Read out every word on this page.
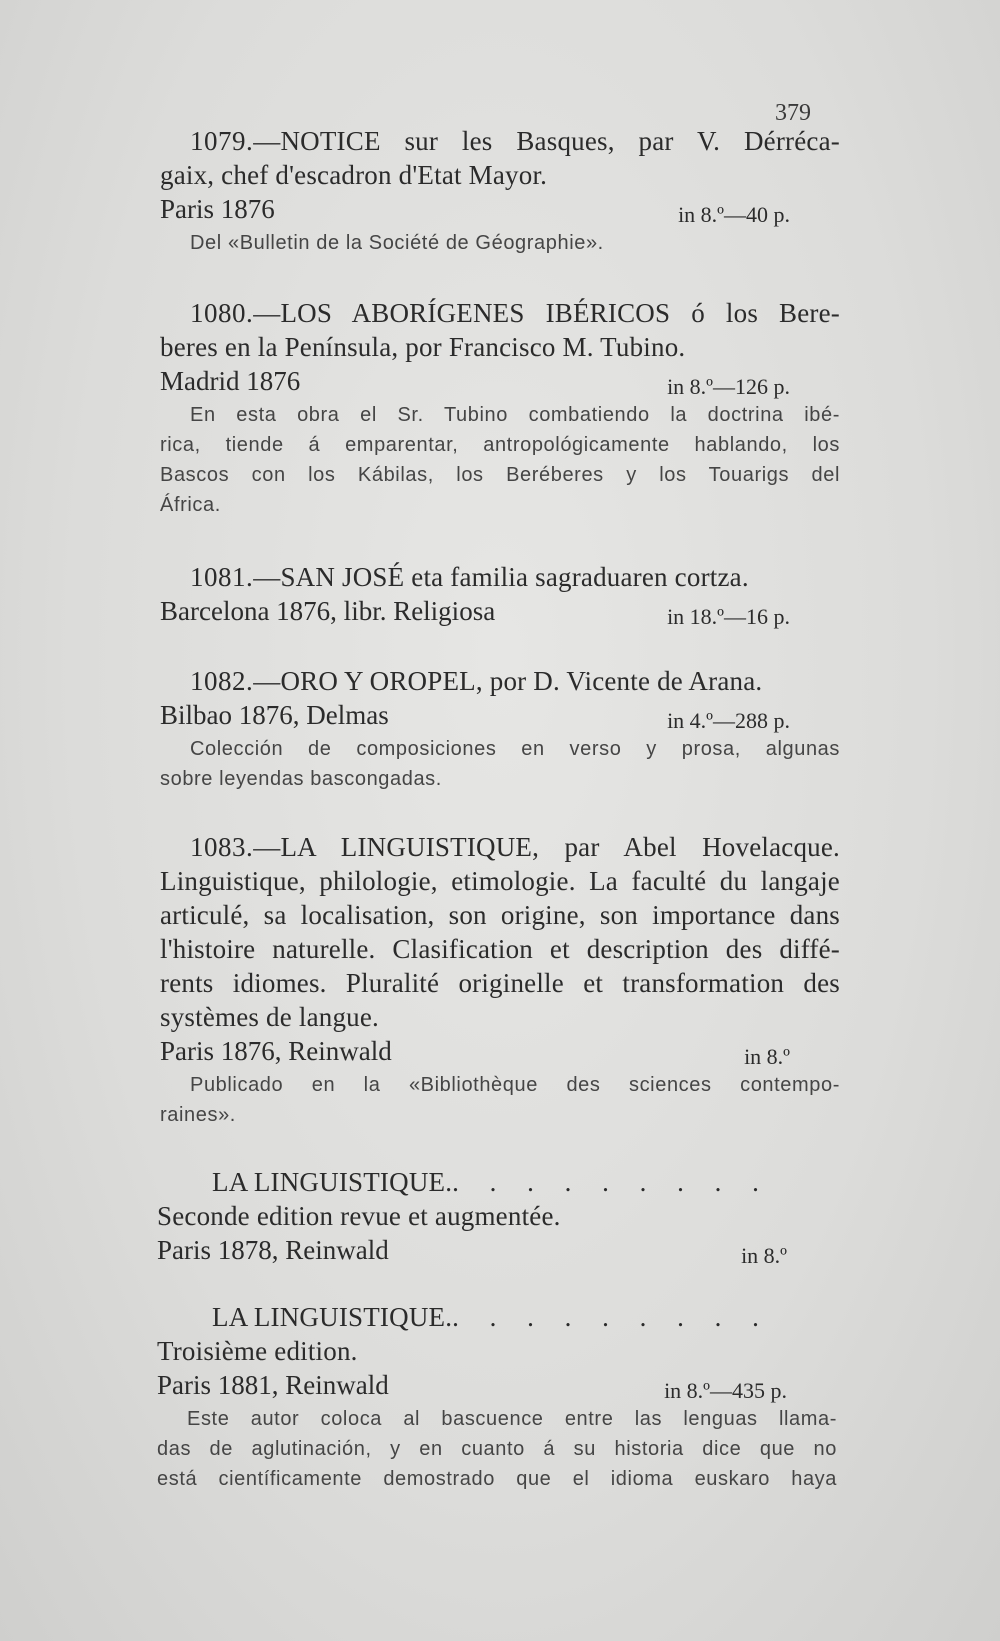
379
1079.—NOTICE sur les Basques, par V. Dérréca-
gaix, chef d'escadron d'Etat Mayor.
Paris 1876	in 8.º—40 p.
Del «Bulletin de la Société de Géographie».
1080.—LOS ABORÍGENES IBÉRICOS ó los Bere-
beres en la Península, por Francisco M. Tubino.
Madrid 1876	in 8.º—126 p.
En esta obra el Sr. Tubino combatiendo la doctrina ibé-
rica, tiende á emparentar, antropológicamente hablando, los
Bascos con los Kábilas, los Beréberes y los Touarigs del
África.
1081.—SAN JOSÉ eta familia sagraduaren cortza.
Barcelona 1876, libr. Religiosa	in 18.º—16 p.
1082.—ORO Y OROPEL, por D. Vicente de Arana.
Bilbao 1876, Delmas	in 4.º—288 p.
Colección de composiciones en verso y prosa, algunas
sobre leyendas bascongadas.
1083.—LA LINGUISTIQUE, par Abel Hovelacque.
Linguistique, philologie, etimologie. La faculté du langaje
articulé, sa localisation, son origine, son importance dans
l'histoire naturelle. Clasification et description des diffé-
rents idiomes. Pluralité originelle et transformation des
systèmes de langue.
Paris 1876, Reinwald	in 8.º
Publicado en la «Bibliothèque des sciences contempo-
raines».
LA LINGUISTIQUE.. . . . . . . . .
Seconde edition revue et augmentée.
Paris 1878, Reinwald	in 8.º
LA LINGUISTIQUE.. . . . . . . . .
Troisième edition.
Paris 1881, Reinwald	in 8.º—435 p.
Este autor coloca al bascuence entre las lenguas llama-
das de aglutinación, y en cuanto á su historia dice que no
está científicamente demostrado que el idioma euskaro haya
